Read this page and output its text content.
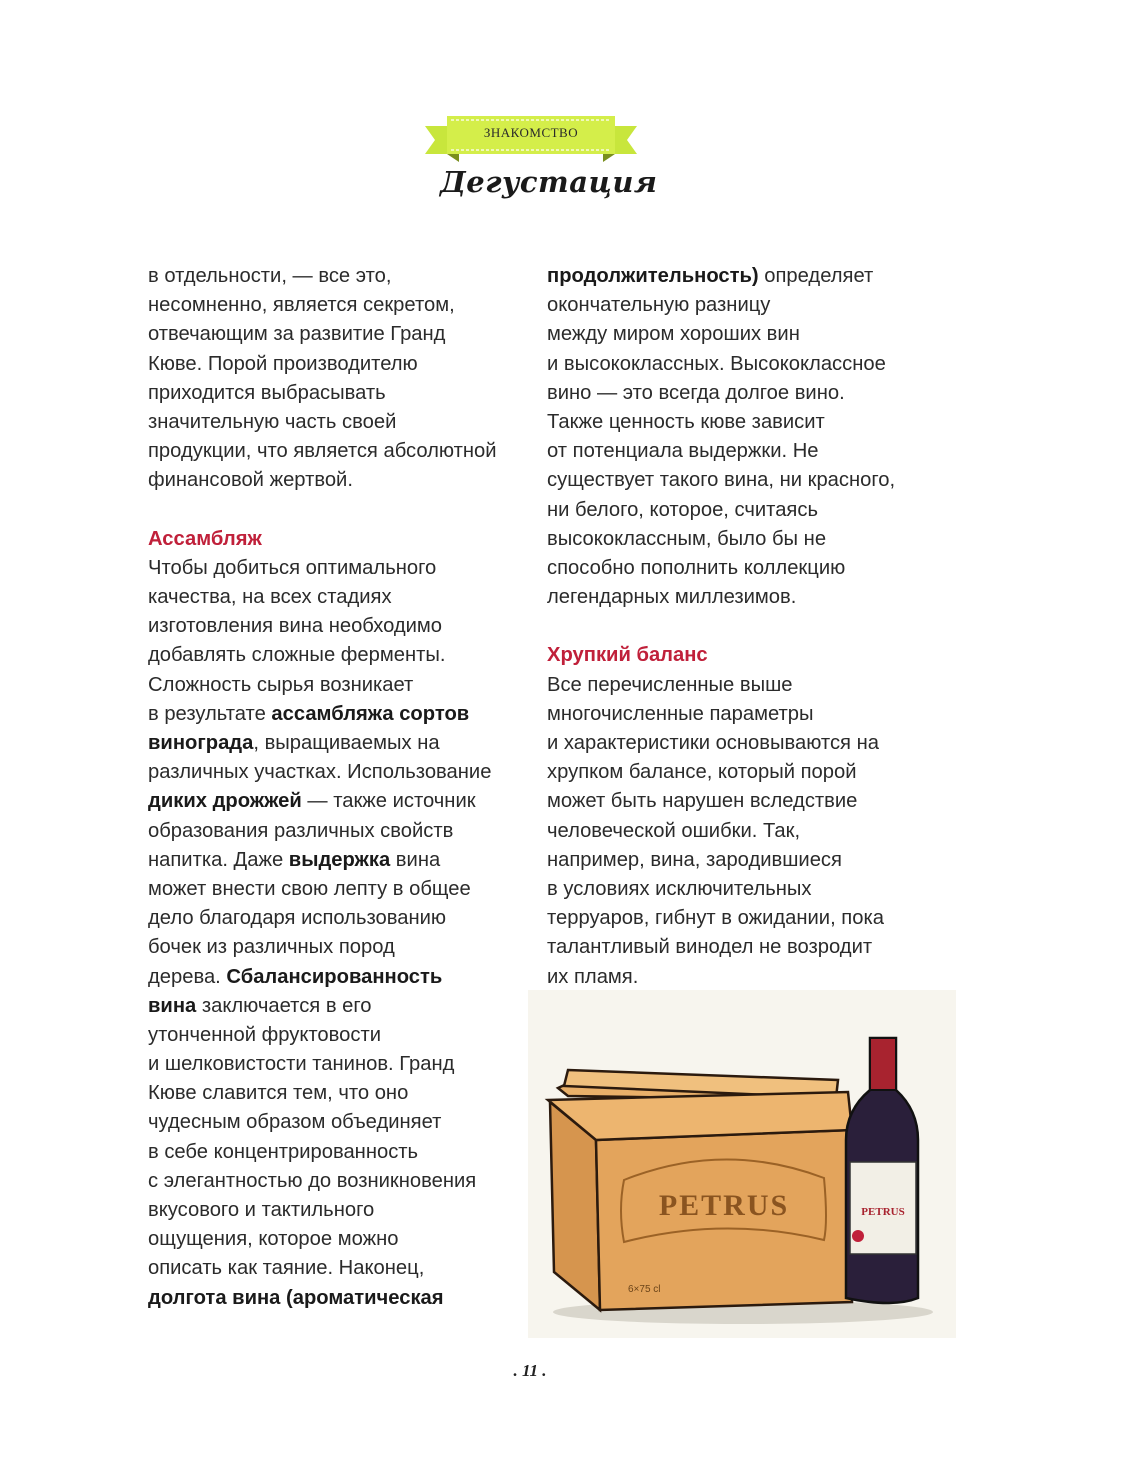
ЗНАКОМСТВО
Дегустация
в отдельности, — все это,
несомненно, является секретом,
отвечающим за развитие Гранд
Кюве. Порой производителю
приходится выбрасывать
значительную часть своей
продукции, что является абсолютной
финансовой жертвой.
Ассамбляж
Чтобы добиться оптимального
качества, на всех стадиях
изготовления вина необходимо
добавлять сложные ферменты.
Сложность сырья возникает
в результате ассамбляжа сортов
винограда, выращиваемых на
различных участках. Использование
диких дрожжей — также источник
образования различных свойств
напитка. Даже выдержка вина
может внести свою лепту в общее
дело благодаря использованию
бочек из различных пород
дерева. Сбалансированность
вина заключается в его
утонченной фруктовости
и шелковистости танинов. Гранд
Кюве славится тем, что оно
чудесным образом объединяет
в себе концентрированность
с элегантностью до возникновения
вкусового и тактильного
ощущения, которое можно
описать как таяние. Наконец,
долгота вина (ароматическая
продолжительность) определяет
окончательную разницу
между миром хороших вин
и высококлассных. Высококлассное
вино — это всегда долгое вино.
Также ценность кюве зависит
от потенциала выдержки. Не
существует такого вина, ни красного,
ни белого, которое, считаясь
высококлассным, было бы не
способно пополнить коллекцию
легендарных миллезимов.
Хрупкий баланс
Все перечисленные выше
многочисленные параметры
и характеристики основываются на
хрупком балансе, который порой
может быть нарушен вследствие
человеческой ошибки. Так,
например, вина, зародившиеся
в условиях исключительных
терруаров, гибнут в ожидании, пока
талантливый винодел не возродит
их пламя.
PETRUS
6×75 cl
PETRUS
. 11 .
